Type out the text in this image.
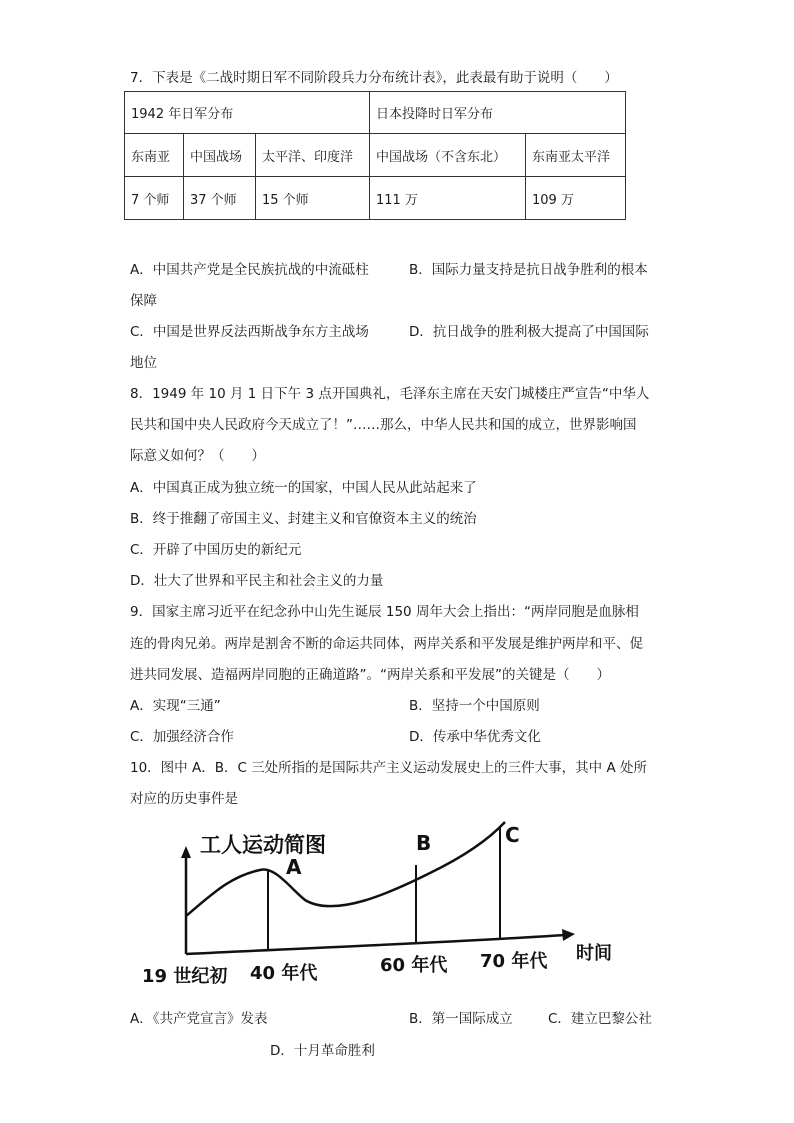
7．下表是《二战时期日军不同阶段兵力分布统计表》，此表最有助于说明（　　）
1942 年日军分布			日本投降时日军分布	
东南亚	中国战场	太平洋、印度洋	中国战场（不含东北）	东南亚太平洋
7 个师	37 个师	15 个师	111 万	109 万
A．中国共产党是全民族抗战的中流砥柱	B．国际力量支持是抗日战争胜利的根本
保障
C．中国是世界反法西斯战争东方主战场	D．抗日战争的胜利极大提高了中国国际
地位
8．1949 年 10 月 1 日下午 3 点开国典礼，毛泽东主席在天安门城楼庄严宣告“中华人
民共和国中央人民政府今天成立了！”……那么，中华人民共和国的成立，世界影响国
际意义如何？（　　）
A．中国真正成为独立统一的国家，中国人民从此站起来了
B．终于推翻了帝国主义、封建主义和官僚资本主义的统治
C．开辟了中国历史的新纪元
D．壮大了世界和平民主和社会主义的力量
9．国家主席习近平在纪念孙中山先生诞辰 150 周年大会上指出：“两岸同胞是血脉相
连的骨肉兄弟。两岸是割舍不断的命运共同体，两岸关系和平发展是维护两岸和平、促
进共同发展、造福两岸同胞的正确道路”。“两岸关系和平发展”的关键是（　　）
A．实现“三通”	B．坚持一个中国原则
C．加强经济合作	D．传承中华优秀文化
10．图中 A．B．C 三处所指的是国际共产主义运动发展史上的三件大事，其中 A 处所
对应的历史事件是
工人运动简图
A
B	C
19 世纪初 40 年代	60 年代 70 年代 时间
A．《共产党宣言》发表	B．第一国际成立	C．建立巴黎公社
D．十月革命胜利
